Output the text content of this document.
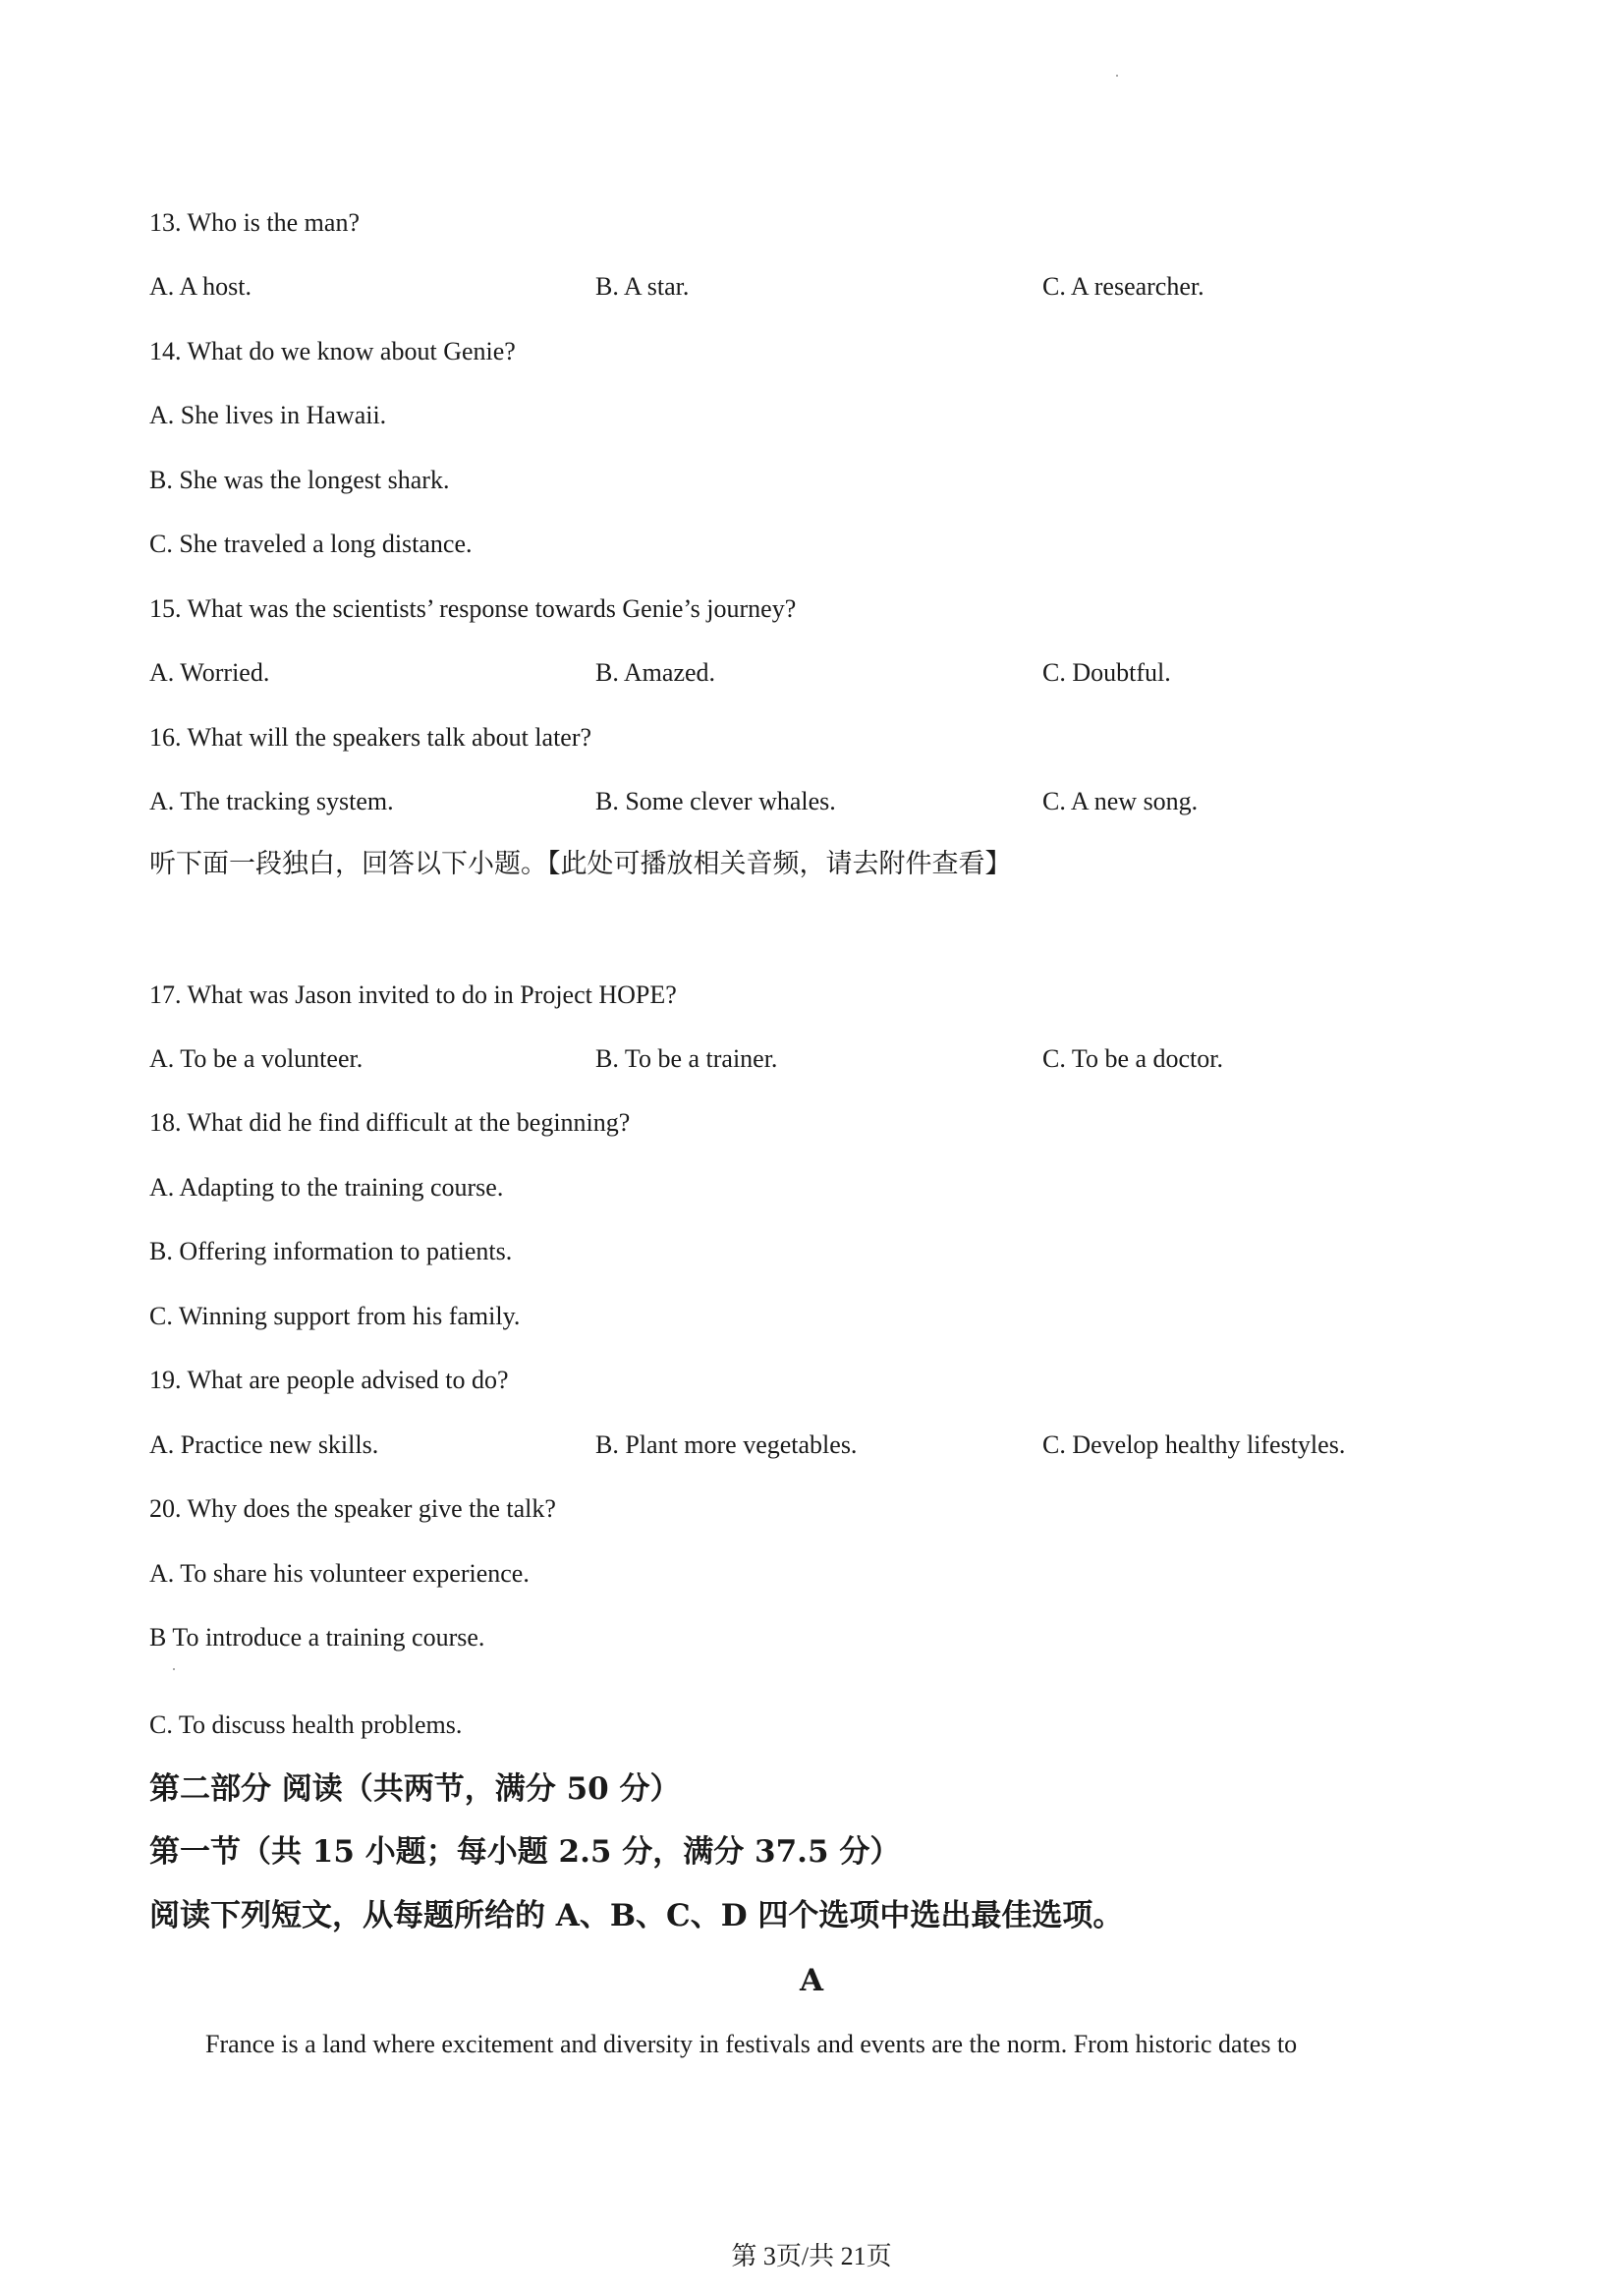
13. Who is the man?
A. A host.	B. A star.	C. A researcher.
14. What do we know about Genie?
A. She lives in Hawaii.
B. She was the longest shark.
C. She traveled a long distance.
15. What was the scientists’ response towards Genie’s journey?
A. Worried.	B. Amazed.	C. Doubtful.
16. What will the speakers talk about later?
A. The tracking system.	B. Some clever whales.	C. A new song.
听下面一段独白，回答以下小题。【此处可播放相关音频，请去附件查看】
17. What was Jason invited to do in Project HOPE?
A. To be a volunteer.	B. To be a trainer.	C. To be a doctor.
18. What did he find difficult at the beginning?
A. Adapting to the training course.
B. Offering information to patients.
C. Winning support from his family.
19. What are people advised to do?
A. Practice new skills.	B. Plant more vegetables.	C. Develop healthy lifestyles.
20. Why does the speaker give the talk?
A. To share his volunteer experience.
B To introduce a training course.
C. To discuss health problems.
第二部分 阅读（共两节，满分 50 分）
第一节（共 15 小题；每小题 2.5 分，满分 37.5 分）
阅读下列短文，从每题所给的 A、B、C、D 四个选项中选出最佳选项。
A
France is a land where excitement and diversity in festivals and events are the norm. From historic dates to
第 3页/共 21页
